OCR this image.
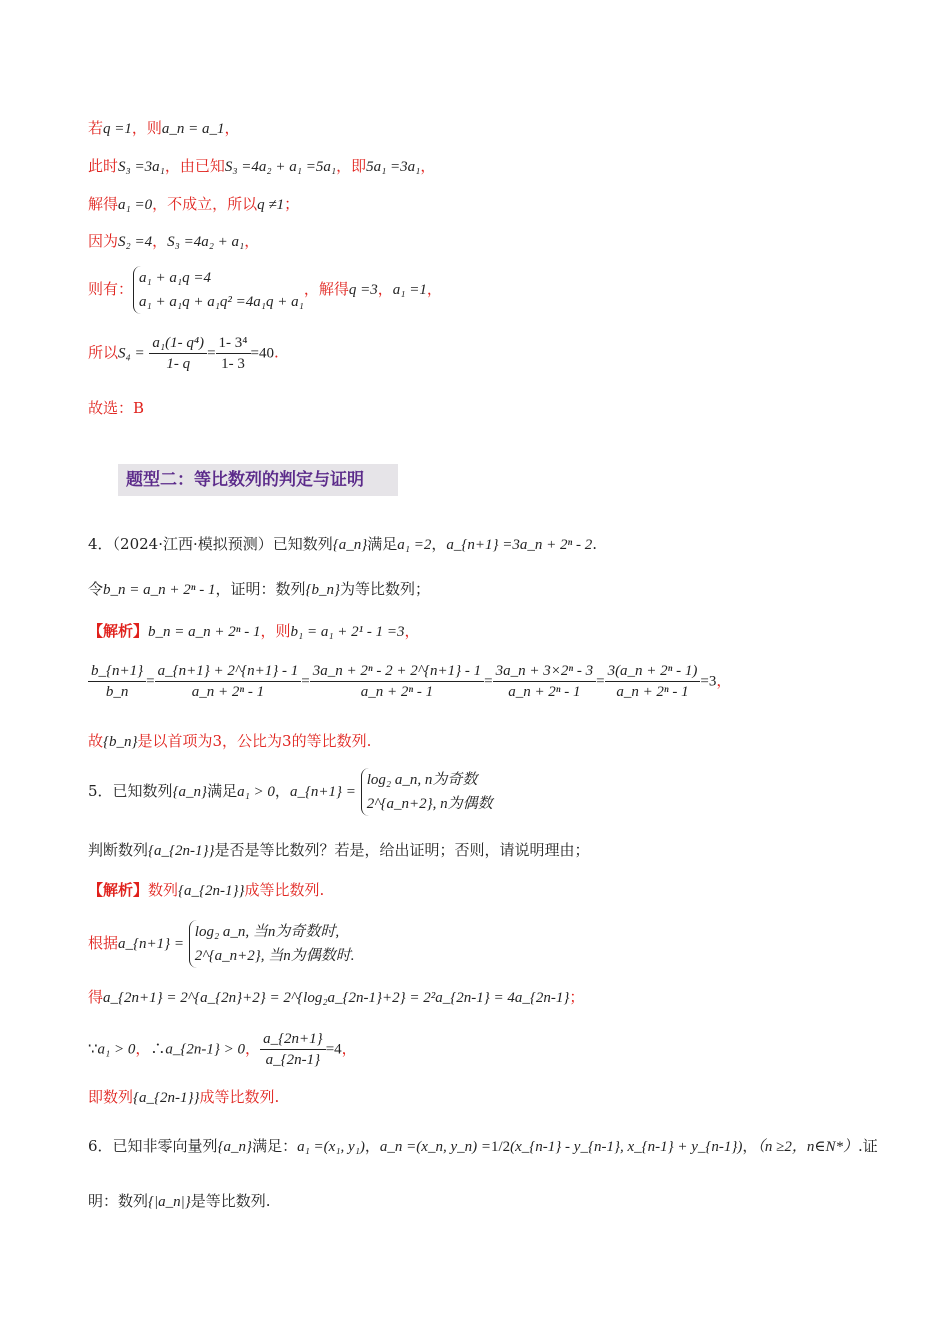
若q =1，则a_n = a_1，
此时S₃ =3a₁，由已知S₃ =4a₂ + a₁ =5a₁，即5a₁ =3a₁，
解得a₁ =0，不成立，所以q ≠1；
因为S₂ =4，S₃ =4a₂ + a₁，
则有：
a₁ + a₁q =4
a₁ + a₁q + a₁q² =4a₁q + a₁
，解得q =3，a₁ =1，
所以$S_4 = \frac{\text{a₁(1- q⁴)}}{1- q} = \frac{\text{1- 3⁴}}{1- 3} =40$.
故选：B
题型二：等比数列的判定与证明
4．（2024·江西·模拟预测）已知数列{a_n}满足a₁ =2，a_{n+1} =3a_n + 2ⁿ - 2.
令b_n = a_n + 2ⁿ - 1，证明：数列{b_n}为等比数列；
【解析】b_n = a_n + 2ⁿ - 1，则b₁ = a₁ + 2¹ - 1 =3，
$\frac{b\_\{n+1\}}{b\_n} = \frac{a\_\{n+1\} + 2\^{}\{n+1\} - 1}{\text{a\_n + 2ⁿ - 1}} = \frac{\text{3a\_n + 2ⁿ - 2 + 2\textasciicircum{}\{n+1\} - 1}}{\text{a\_n + 2ⁿ - 1}} = \frac{\text{3a\_n + 3×2ⁿ - 3}}{\text{a\_n + 2ⁿ - 1}} = \frac{\text{3(a\_n + 2ⁿ - 1)}}{\text{a\_n + 2ⁿ - 1}} =3$，
故{b_n}是以首项为3，公比为3的等比数列.
5．已知数列{a_n}满足a₁ > 0，a_{n+1} =
log₂ a_n, n为奇数
2^{a_n+2}, n为偶数
判断数列{a_{2n-1}}是否是等比数列？若是，给出证明；否则，请说明理由；
【解析】数列{a_{2n-1}}成等比数列.
根据a_{n+1} =
log₂ a_n, 当n为奇数时,
2^{a_n+2}, 当n为偶数时.
得a_{2n+1} = 2^{a_{2n}+2} = 2^{log₂a_{2n-1}+2} = 2²a_{2n-1} = 4a_{2n-1}；
∵a₁ > 0，∴a_{2n-1} > 0， $\frac{a\_\{2n+1\}}{a\_\{2n-1\}} =4$，
即数列{a_{2n-1}}成等比数列.
6．已知非零向量列{a_n}满足：a₁ =(x₁, y₁)，a_n =(x_n, y_n) =1/2(x_{n-1} - y_{n-1}, x_{n-1} + y_{n-1})，（n ≥2，n∈N*）.证
明：数列{|a_n|}是等比数列.
